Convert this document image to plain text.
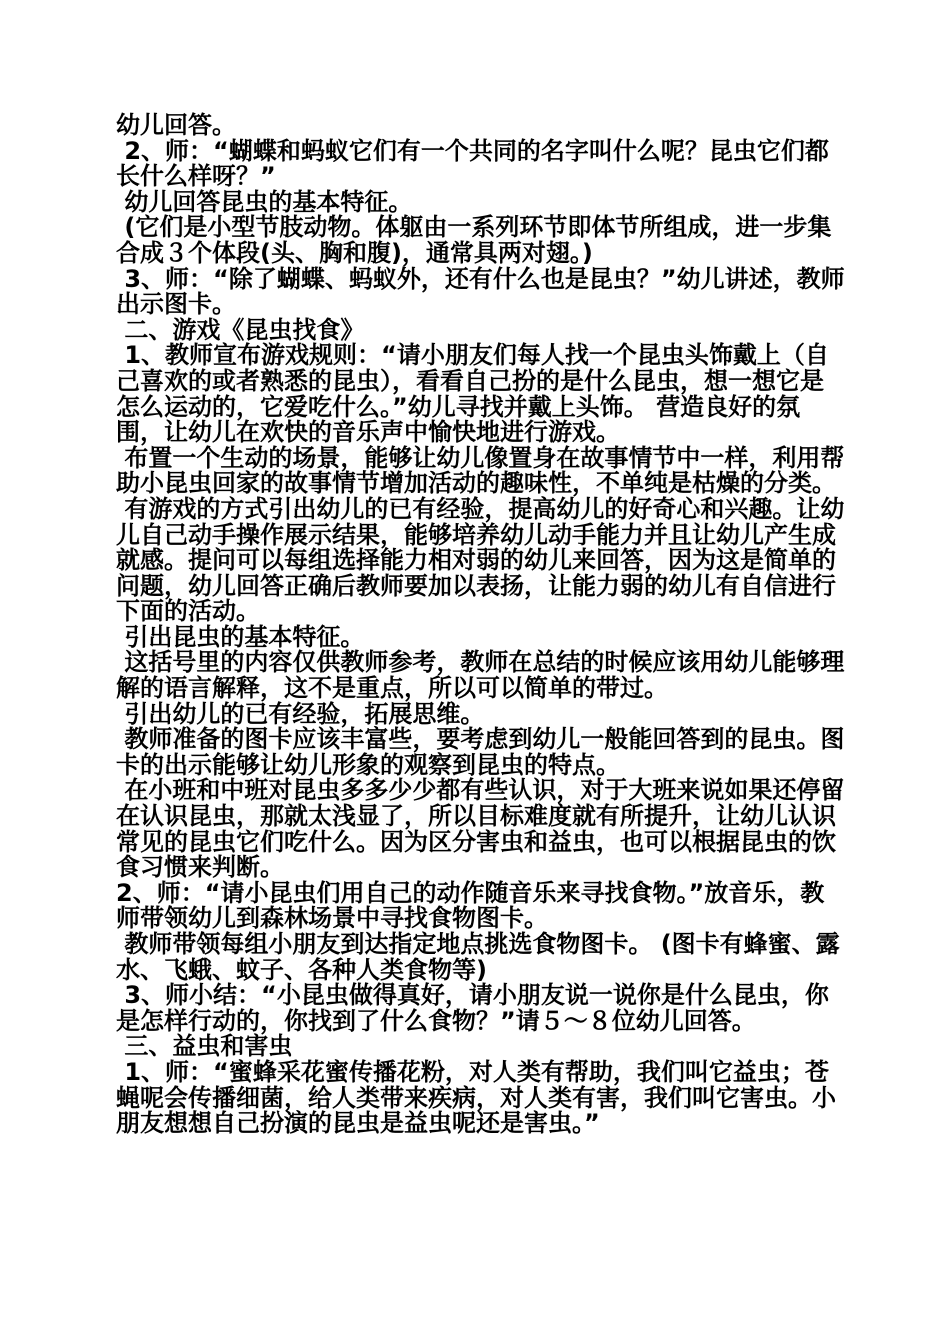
幼儿回答。

2、师：“蝴蝶和蚂蚁它们有一个共同的名字叫什么呢？昆虫它们都长什么样呀？”

幼儿回答昆虫的基本特征。

(它们是小型节肢动物。体躯由一系列环节即体节所组成，进一步集合成３个体段(头、胸和腹)，通常具两对翅。)

3、师：“除了蝴蝶、蚂蚁外，还有什么也是昆虫？”幼儿讲述，教师出示图卡。

二、游戏《昆虫找食》

1、教师宣布游戏规则：“请小朋友们每人找一个昆虫头饰戴上（自己喜欢的或者熟悉的昆虫），看看自己扮的是什么昆虫，想一想它是怎么运动的，它爱吃什么。”幼儿寻找并戴上头饰。 营造良好的氛围，让幼儿在欢快的音乐声中愉快地进行游戏。

布置一个生动的场景，能够让幼儿像置身在故事情节中一样，利用帮助小昆虫回家的故事情节增加活动的趣味性，不单纯是枯燥的分类。

有游戏的方式引出幼儿的已有经验，提高幼儿的好奇心和兴趣。让幼儿自己动手操作展示结果，能够培养幼儿动手能力并且让幼儿产生成就感。提问可以每组选择能力相对弱的幼儿来回答，因为这是简单的问题，幼儿回答正确后教师要加以表扬，让能力弱的幼儿有自信进行下面的活动。

引出昆虫的基本特征。

这括号里的内容仅供教师参考，教师在总结的时候应该用幼儿能够理解的语言解释，这不是重点，所以可以简单的带过。

引出幼儿的已有经验，拓展思维。

教师准备的图卡应该丰富些，要考虑到幼儿一般能回答到的昆虫。图卡的出示能够让幼儿形象的观察到昆虫的特点。

在小班和中班对昆虫多多少少都有些认识，对于大班来说如果还停留在认识昆虫，那就太浅显了，所以目标难度就有所提升，让幼儿认识常见的昆虫它们吃什么。因为区分害虫和益虫，也可以根据昆虫的饮食习惯来判断。

2、师：“请小昆虫们用自己的动作随音乐来寻找食物。”放音乐，教师带领幼儿到森林场景中寻找食物图卡。

教师带领每组小朋友到达指定地点挑选食物图卡。 (图卡有蜂蜜、露水、飞蛾、蚊子、各种人类食物等)

3、师小结：“小昆虫做得真好，请小朋友说一说你是什么昆虫，你是怎样行动的，你找到了什么食物？”请５～８位幼儿回答。

三、益虫和害虫

1、师：“蜜蜂采花蜜传播花粉，对人类有帮助，我们叫它益虫；苍蝇呢会传播细菌，给人类带来疾病，对人类有害，我们叫它害虫。小朋友想想自己扮演的昆虫是益虫呢还是害虫。”
